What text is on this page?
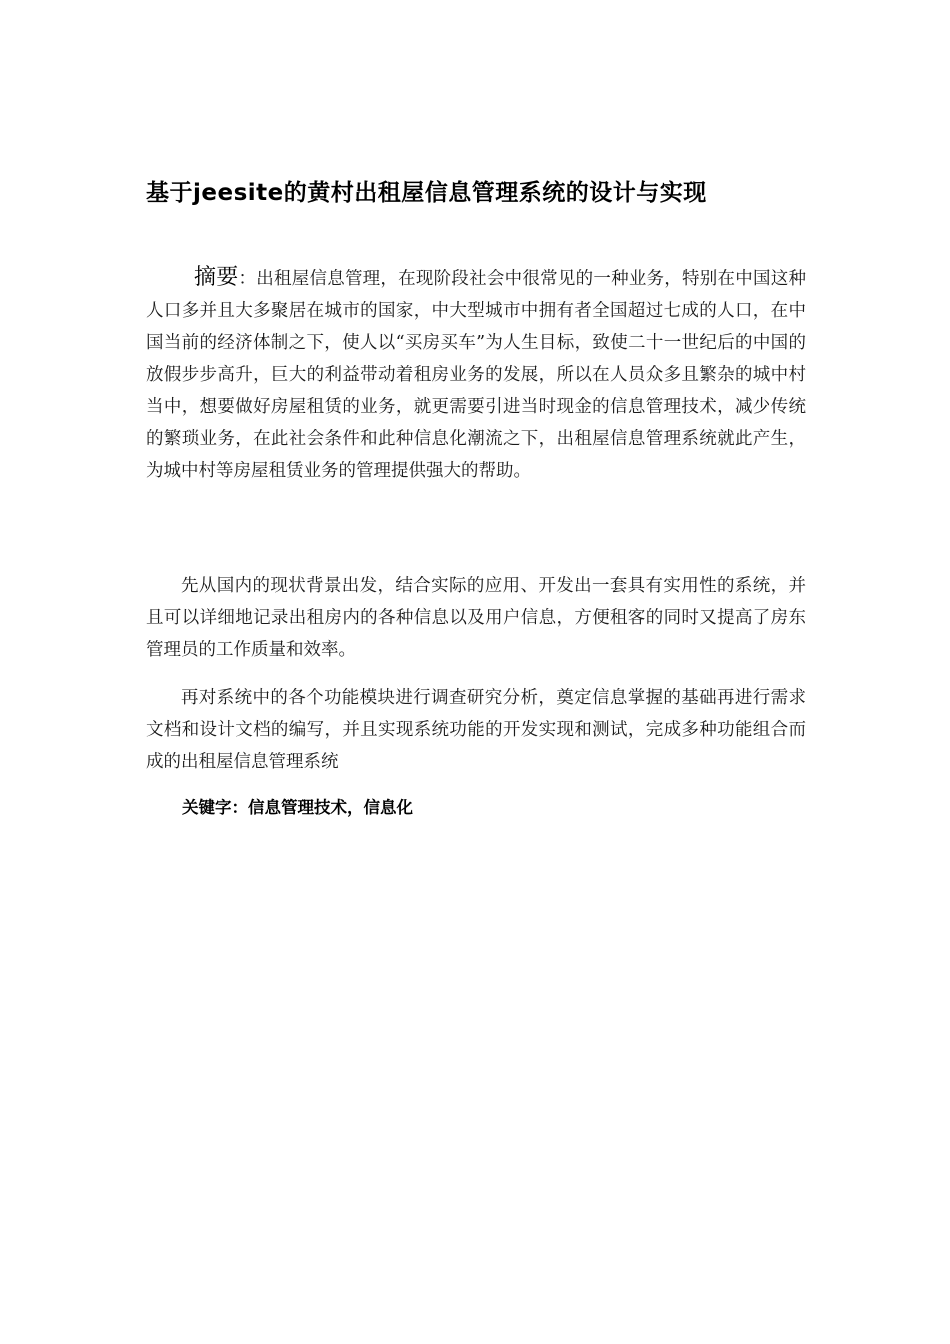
基于jeesite的黄村出租屋信息管理系统的设计与实现
摘要：出租屋信息管理，在现阶段社会中很常见的一种业务，特别在中国这种人口多并且大多聚居在城市的国家，中大型城市中拥有者全国超过七成的人口，在中国当前的经济体制之下，使人以“买房买车”为人生目标，致使二十一世纪后的中国的放假步步高升，巨大的利益带动着租房业务的发展，所以在人员众多且繁杂的城中村当中，想要做好房屋租赁的业务，就更需要引进当时现金的信息管理技术，减少传统的繁琐业务，在此社会条件和此种信息化潮流之下，出租屋信息管理系统就此产生，为城中村等房屋租赁业务的管理提供强大的帮助。
先从国内的现状背景出发，结合实际的应用、开发出一套具有实用性的系统，并且可以详细地记录出租房内的各种信息以及用户信息，方便租客的同时又提高了房东管理员的工作质量和效率。
再对系统中的各个功能模块进行调查研究分析，奠定信息掌握的基础再进行需求文档和设计文档的编写，并且实现系统功能的开发实现和测试，完成多种功能组合而成的出租屋信息管理系统
关键字：信息管理技术，信息化
